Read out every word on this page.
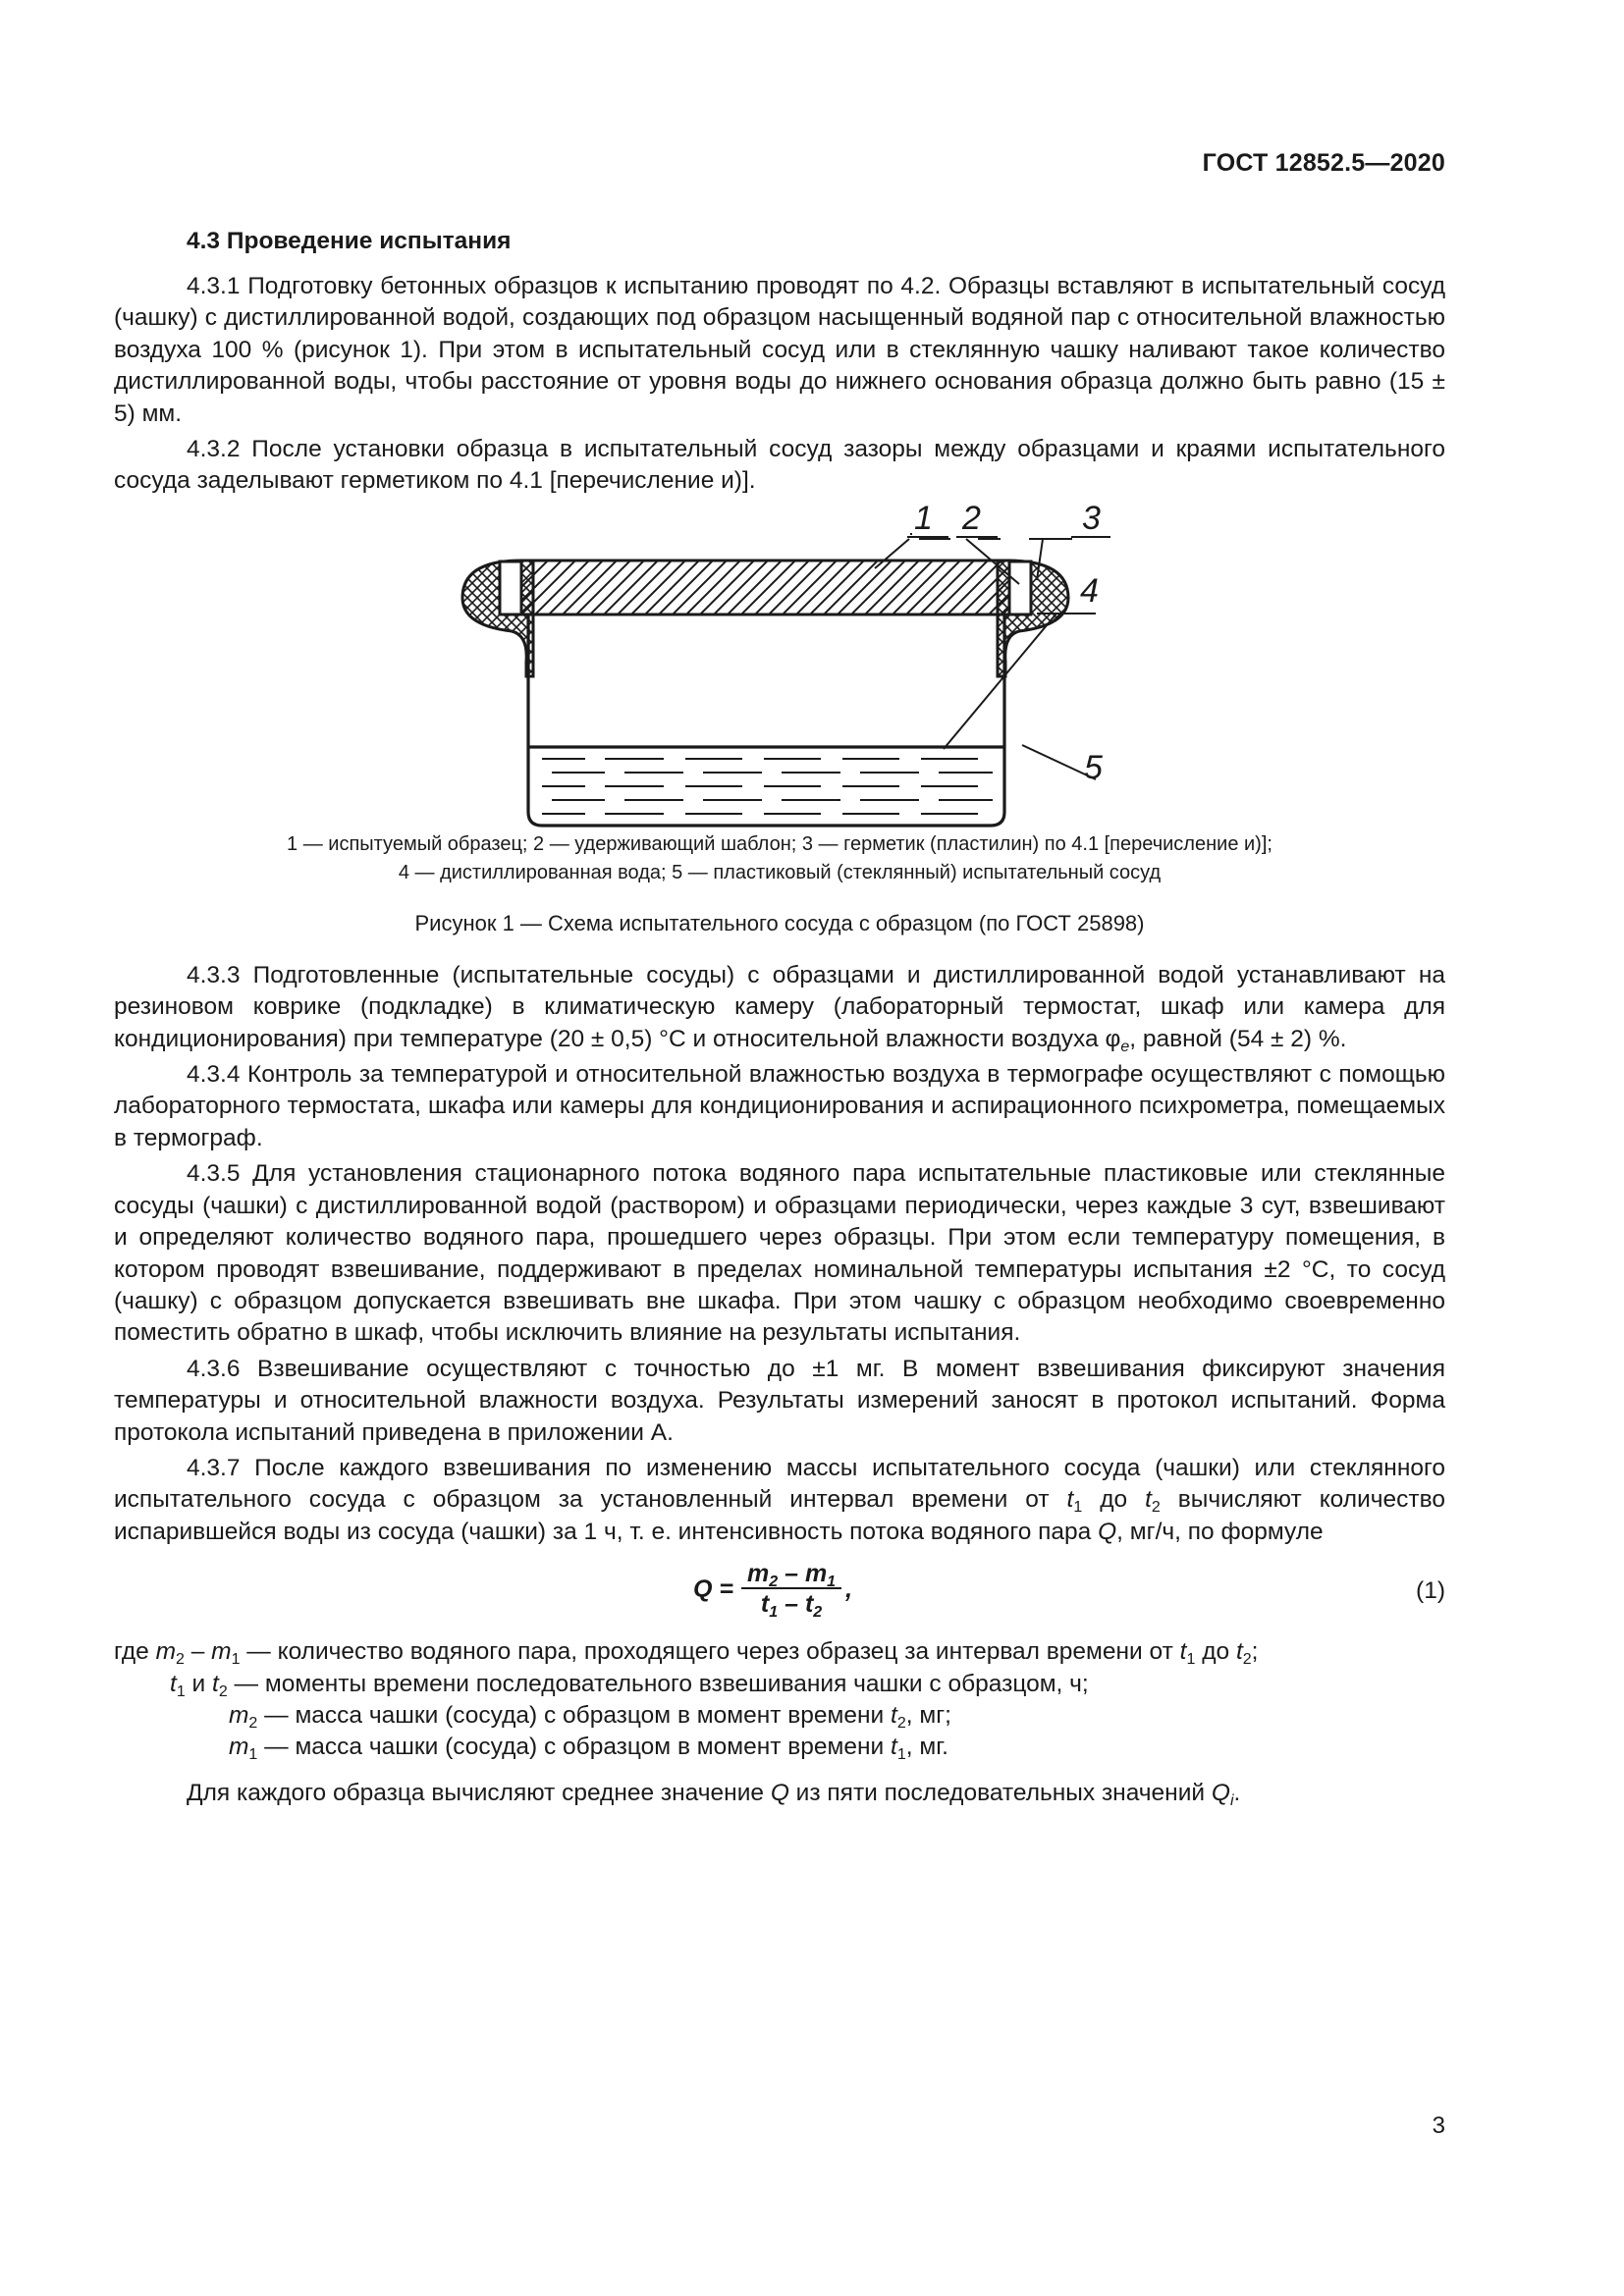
ГОСТ 12852.5—2020

4.3 Проведение испытания

4.3.1 Подготовку бетонных образцов к испытанию проводят по 4.2. Образцы вставляют в испытательный сосуд (чашку) с дистиллированной водой, создающих под образцом насыщенный водяной пар с относительной влажностью воздуха 100 % (рисунок 1). При этом в испытательный сосуд или в стеклянную чашку наливают такое количество дистиллированной воды, чтобы расстояние от уровня воды до нижнего основания образца должно быть равно (15 ± 5) мм.

4.3.2 После установки образца в испытательный сосуд зазоры между образцами и краями испытательного сосуда заделывают герметиком по 4.1 [перечисление и)].

1 2	3
4
5
1 — испытуемый образец; 2 — удерживающий шаблон; 3 — герметик (пластилин) по 4.1 [перечисление и)];
4 — дистиллированная вода; 5 — пластиковый (стеклянный) испытательный сосуд
Рисунок 1 — Схема испытательного сосуда с образцом (по ГОСТ 25898)

4.3.3 Подготовленные (испытательные сосуды) с образцами и дистиллированной водой устанавливают на резиновом коврике (подкладке) в климатическую камеру (лабораторный термостат, шкаф или камера для кондиционирования) при температуре (20 ± 0,5) °С и относительной влажности воздуха $\varphi_e$, равной (54 ± 2) %.

4.3.4 Контроль за температурой и относительной влажностью воздуха в термографе осуществляют с помощью лабораторного термостата, шкафа или камеры для кондиционирования и аспирационного психрометра, помещаемых в термограф.

4.3.5 Для установления стационарного потока водяного пара испытательные пластиковые или стеклянные сосуды (чашки) с дистиллированной водой (раствором) и образцами периодически, через каждые 3 сут, взвешивают и определяют количество водяного пара, прошедшего через образцы. При этом если температуру помещения, в котором проводят взвешивание, поддерживают в пределах номинальной температуры испытания ±2 °С, то сосуд (чашку) с образцом допускается взвешивать вне шкафа. При этом чашку с образцом необходимо своевременно поместить обратно в шкаф, чтобы исключить влияние на результаты испытания.

4.3.6 Взвешивание осуществляют с точностью до ±1 мг. В момент взвешивания фиксируют значения температуры и относительной влажности воздуха. Результаты измерений заносят в протокол испытаний. Форма протокола испытаний приведена в приложении А.

4.3.7 После каждого взвешивания по изменению массы испытательного сосуда (чашки) или стеклянного испытательного сосуда с образцом за установленный интервал времени от $t_1$ до $t_2$ вычисляют количество испарившейся воды из сосуда (чашки) за 1 ч, т. е. интенсивность потока водяного пара Q, мг/ч, по формуле

$Q = \frac{m_2 - m_1}{t_1 - t_2}$ ,	(1)
где $m_2 - m_1$ — количество водяного пара, проходящего через образец за интервал времени от $t_1$ до $t_2$;
$t_1$ и $t_2$ — моменты времени последовательного взвешивания чашки с образцом, ч;
$m_2$ — масса чашки (сосуда) с образцом в момент времени $t_2$, мг;
$m_1$ — масса чашки (сосуда) с образцом в момент времени $t_1$, мг.

Для каждого образца вычисляют среднее значение Q из пяти последовательных значений $Q_i$.

3
